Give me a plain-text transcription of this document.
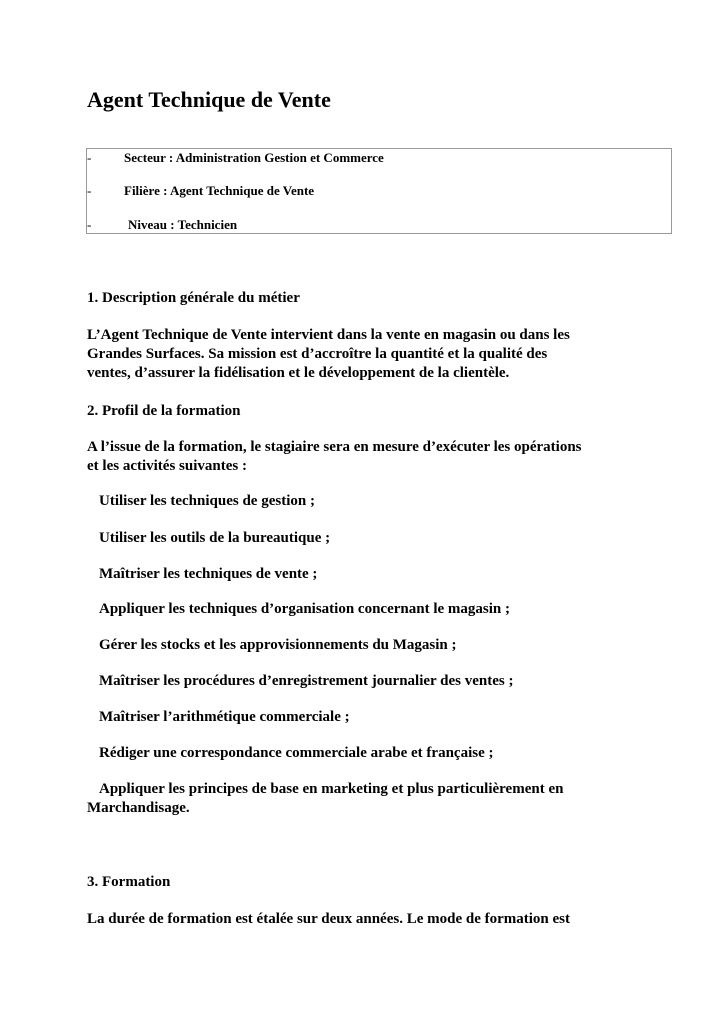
Agent Technique de Vente
-	Secteur : Administration Gestion et Commerce
-	Filière : Agent Technique de Vente
-	Niveau : Technicien
1. Description générale du métier

L’Agent Technique de Vente intervient dans la vente en magasin ou dans les
Grandes Surfaces. Sa mission est d’accroître la quantité et la qualité des
ventes, d’assurer la fidélisation et le développement de la clientèle.

2. Profil de la formation

A l’issue de la formation, le stagiaire sera en mesure d’exécuter les opérations
et les activités suivantes :

Utiliser les techniques de gestion ;

Utiliser les outils de la bureautique ;

Maîtriser les techniques de vente ;

Appliquer les techniques d’organisation concernant le magasin ;

Gérer les stocks et les approvisionnements du Magasin ;

Maîtriser les procédures d’enregistrement journalier des ventes ;

Maîtriser l’arithmétique commerciale ;

Rédiger une correspondance commerciale arabe et française ;

Appliquer les principes de base en marketing et plus particulièrement en
Marchandisage.

3. Formation

La durée de formation est étalée sur deux années. Le mode de formation est
